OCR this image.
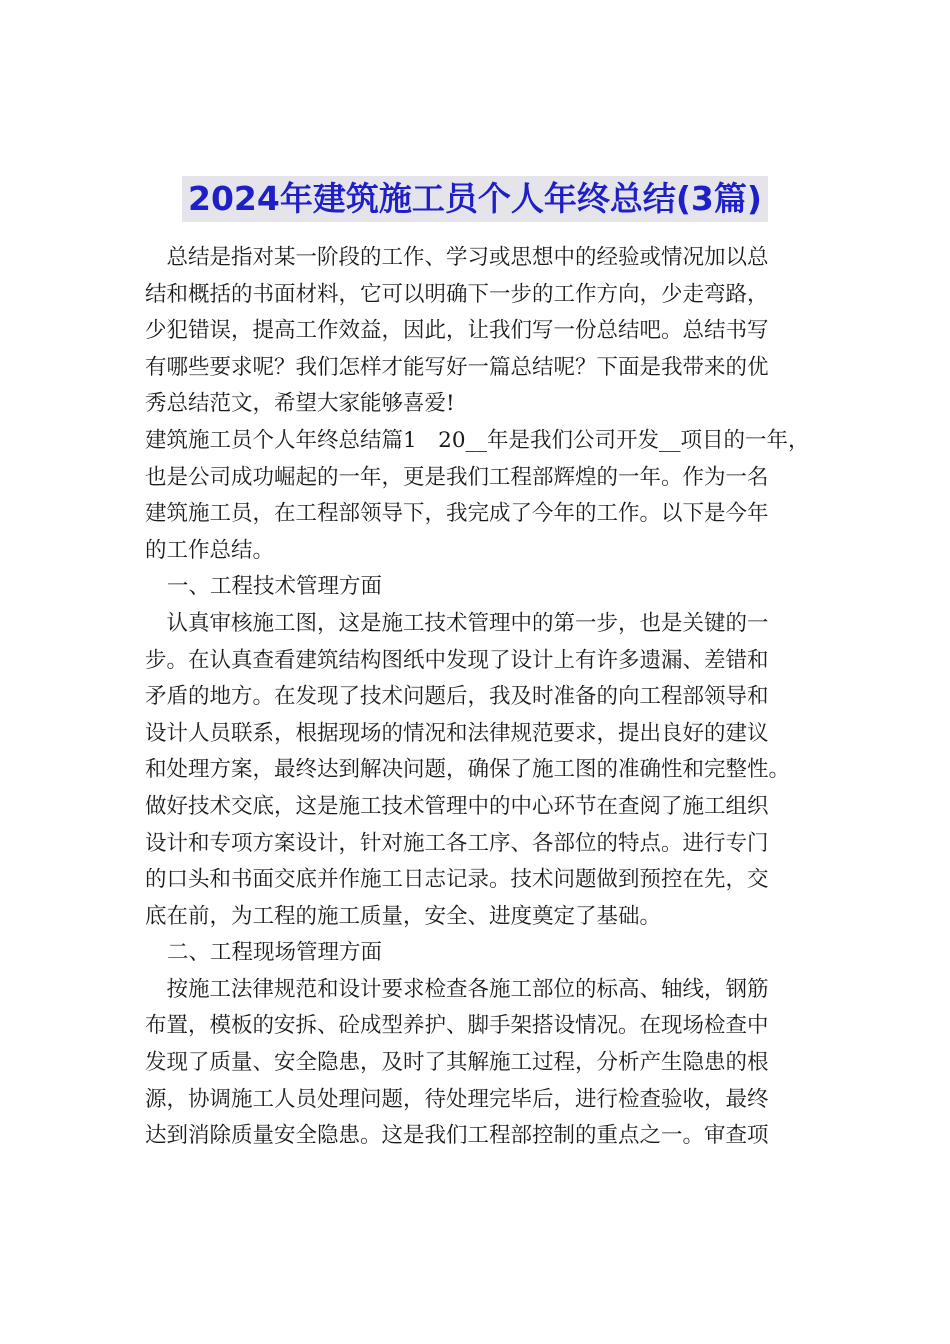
2024年建筑施工员个人年终总结(3篇)
　总结是指对某一阶段的工作、学习或思想中的经验或情况加以总
结和概括的书面材料，它可以明确下一步的工作方向，少走弯路，
少犯错误，提高工作效益，因此，让我们写一份总结吧。总结书写
有哪些要求呢？我们怎样才能写好一篇总结呢？下面是我带来的优
秀总结范文，希望大家能够喜爱!
建筑施工员个人年终总结篇1　20__年是我们公司开发__项目的一年，
也是公司成功崛起的一年，更是我们工程部辉煌的一年。作为一名
建筑施工员，在工程部领导下，我完成了今年的工作。以下是今年
的工作总结。
一、工程技术管理方面
　认真审核施工图，这是施工技术管理中的第一步，也是关键的一
步。在认真查看建筑结构图纸中发现了设计上有许多遗漏、差错和
矛盾的地方。在发现了技术问题后，我及时准备的向工程部领导和
设计人员联系，根据现场的情况和法律规范要求，提出良好的建议
和处理方案，最终达到解决问题，确保了施工图的准确性和完整性。
做好技术交底，这是施工技术管理中的中心环节在查阅了施工组织
设计和专项方案设计，针对施工各工序、各部位的特点。进行专门
的口头和书面交底并作施工日志记录。技术问题做到预控在先，交
底在前，为工程的施工质量，安全、进度奠定了基础。
二、工程现场管理方面
　按施工法律规范和设计要求检查各施工部位的标高、轴线，钢筋
布置，模板的安拆、砼成型养护、脚手架搭设情况。在现场检查中
发现了质量、安全隐患，及时了其解施工过程，分析产生隐患的根
源，协调施工人员处理问题，待处理完毕后，进行检查验收，最终
达到消除质量安全隐患。这是我们工程部控制的重点之一。审查项
